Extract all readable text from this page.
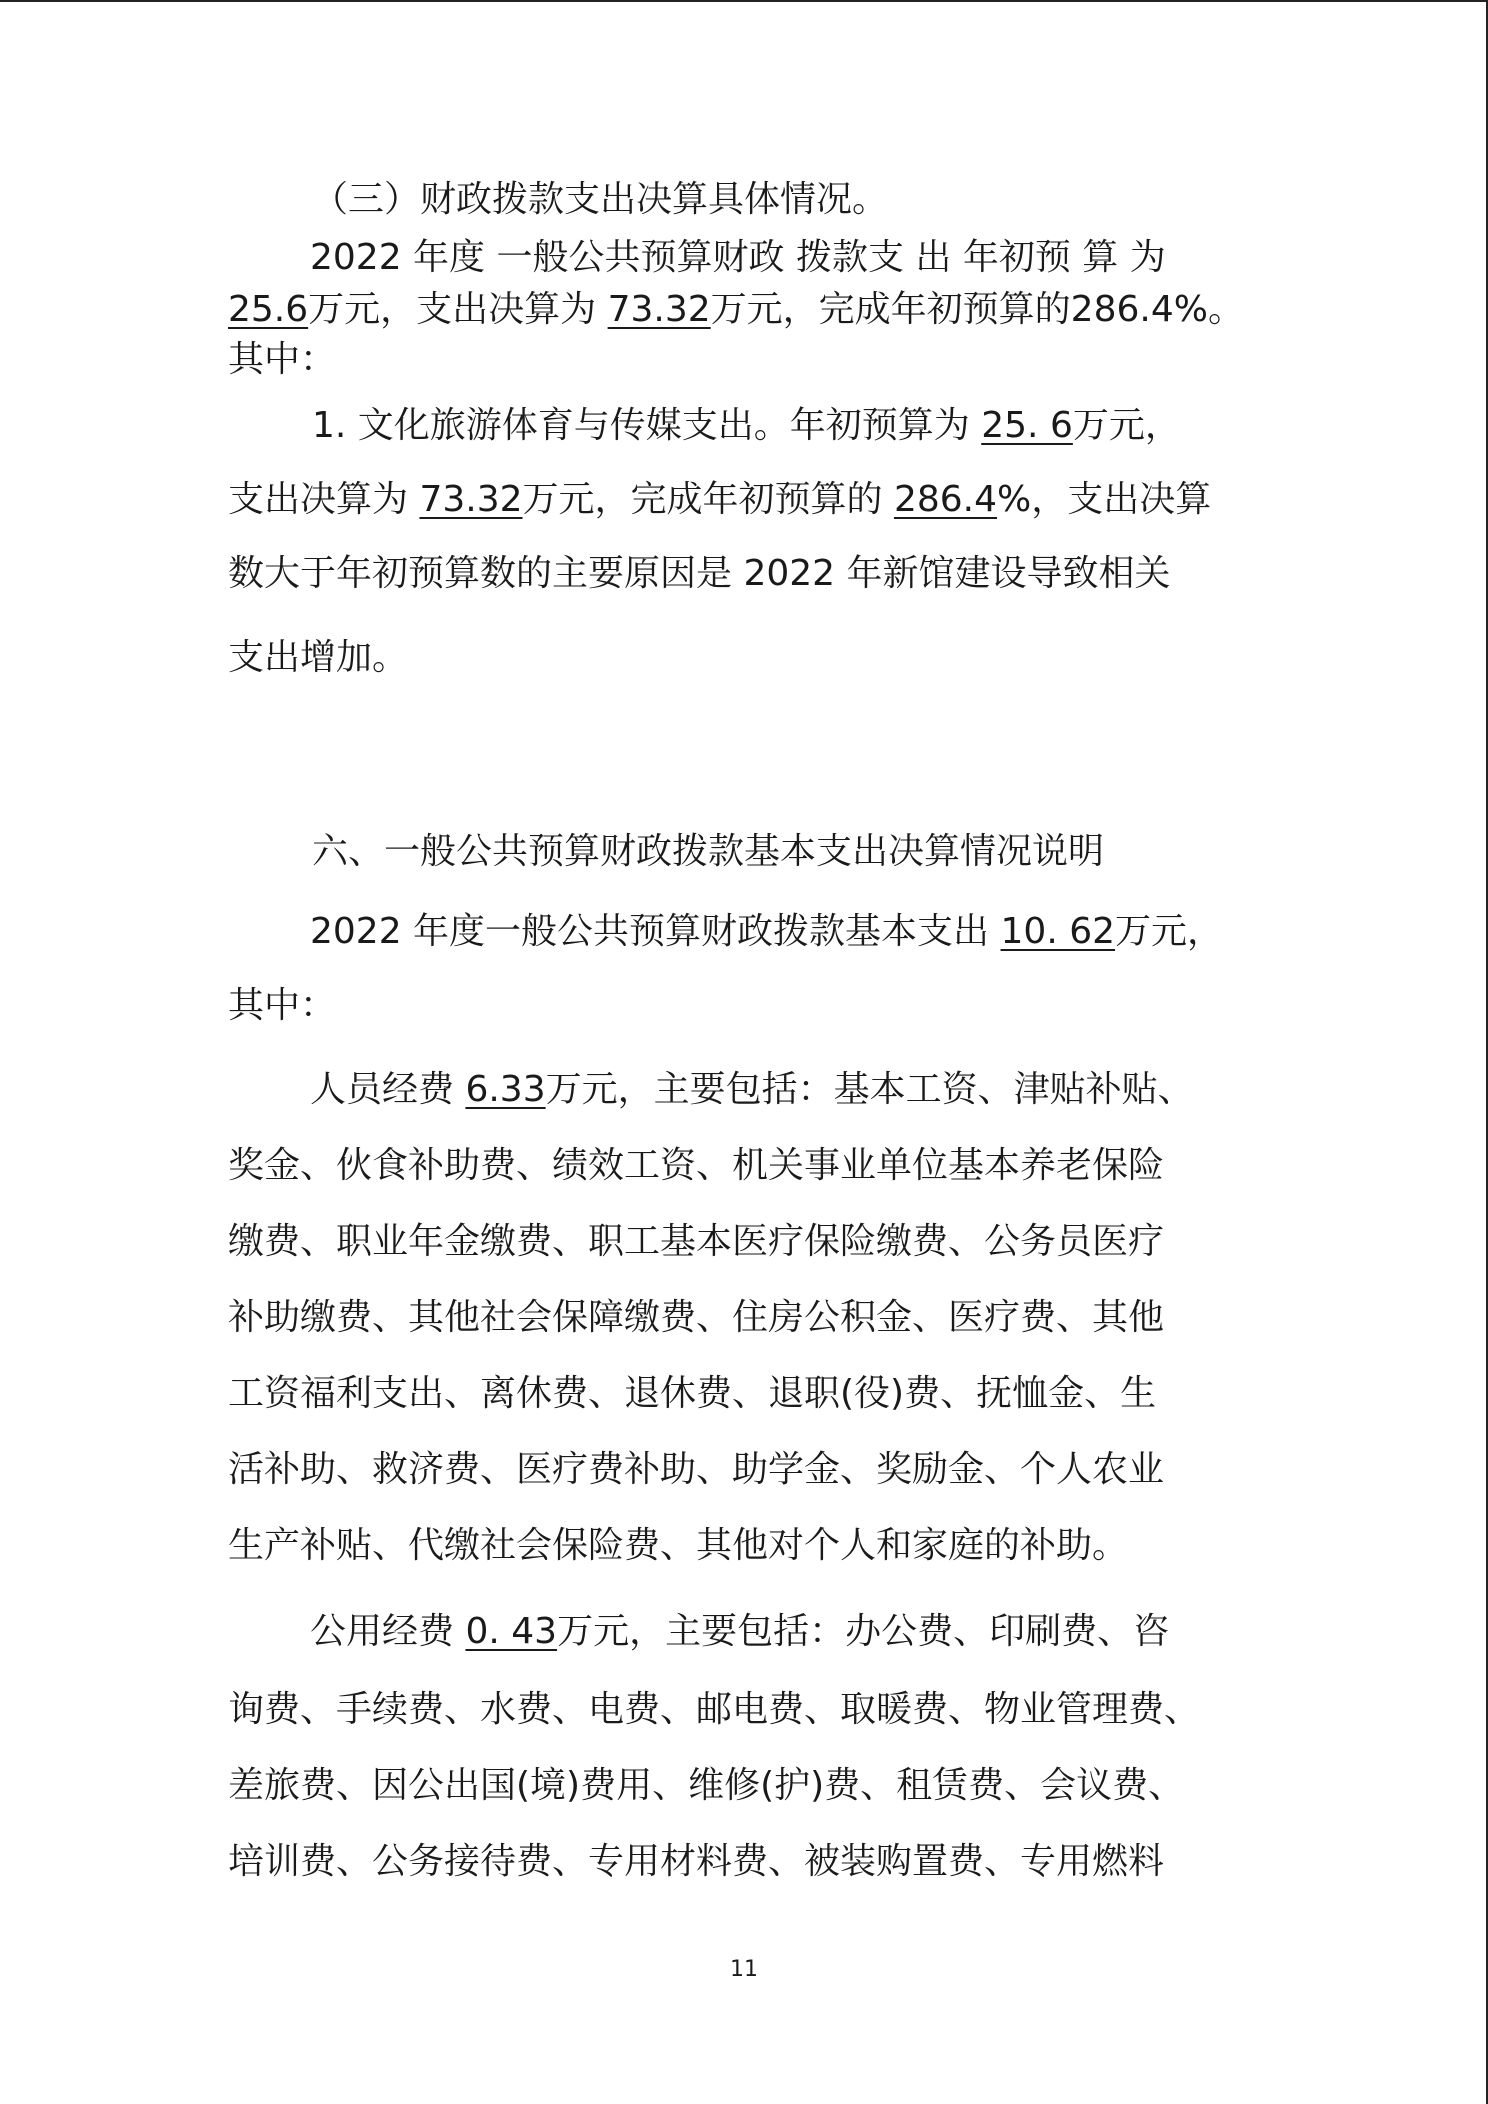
（三）财政拨款支出决算具体情况。
2022 年度 一般公共预算财政 拨款支 出 年初预 算 为
25.6万元，支出决算为 73.32万元，完成年初预算的286.4%。
其中：
1. 文化旅游体育与传媒支出。年初预算为 25. 6万元，
支出决算为 73.32万元，完成年初预算的 286.4%，支出决算
数大于年初预算数的主要原因是 2022 年新馆建设导致相关
支出增加。
六、一般公共预算财政拨款基本支出决算情况说明
2022 年度一般公共预算财政拨款基本支出 10. 62万元，
其中：
人员经费 6.33万元，主要包括：基本工资、津贴补贴、
奖金、伙食补助费、绩效工资、机关事业单位基本养老保险
缴费、职业年金缴费、职工基本医疗保险缴费、公务员医疗
补助缴费、其他社会保障缴费、住房公积金、医疗费、其他
工资福利支出、离休费、退休费、退职(役)费、抚恤金、生
活补助、救济费、医疗费补助、助学金、奖励金、个人农业
生产补贴、代缴社会保险费、其他对个人和家庭的补助。
公用经费 0. 43万元，主要包括：办公费、印刷费、咨
询费、手续费、水费、电费、邮电费、取暖费、物业管理费、
差旅费、因公出国(境)费用、维修(护)费、租赁费、会议费、
培训费、公务接待费、专用材料费、被装购置费、专用燃料
11
